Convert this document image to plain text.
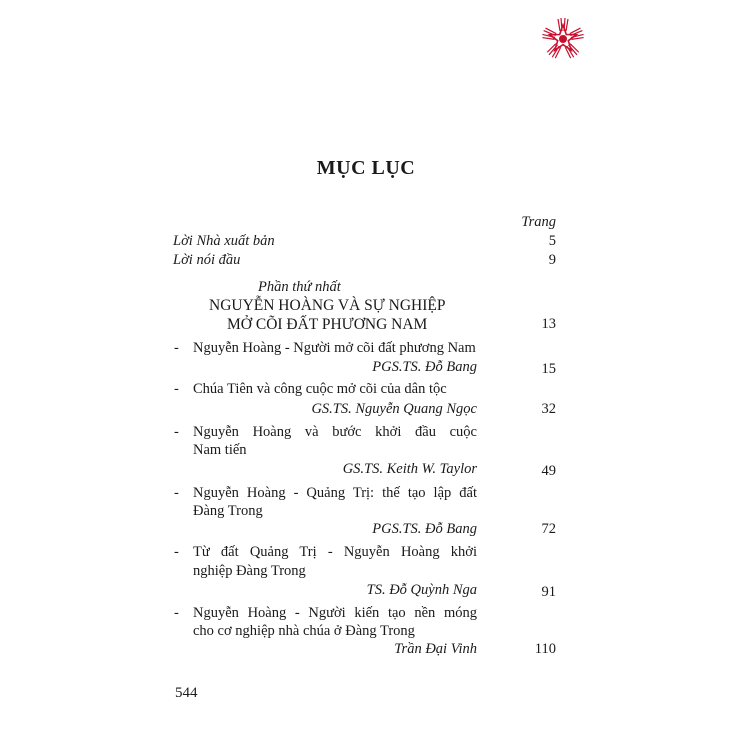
MỤC LỤC
Trang
Lời Nhà xuất bản	5
Lời nói đầu	9
Phần thứ nhất
NGUYỄN HOÀNG VÀ SỰ NGHIỆP
MỞ CÕI ĐẤT PHƯƠNG NAM	13
- Nguyễn Hoàng - Người mở cõi đất phương Nam
PGS.TS. Đỗ Bang	15
- Chúa Tiên và công cuộc mở cõi của dân tộc
GS.TS. Nguyễn Quang Ngọc	32
- Nguyễn Hoàng và bước khởi đầu cuộc
Nam tiến
GS.TS. Keith W. Taylor	49
- Nguyễn Hoàng - Quảng Trị: thế tạo lập đất
Đàng Trong
PGS.TS. Đỗ Bang	72
- Từ đất Quảng Trị - Nguyễn Hoàng khởi
nghiệp Đàng Trong
TS. Đỗ Quỳnh Nga	91
- Nguyễn Hoàng - Người kiến tạo nền móng
cho cơ nghiệp nhà chúa ở Đàng Trong
Trần Đại Vinh	110
544
